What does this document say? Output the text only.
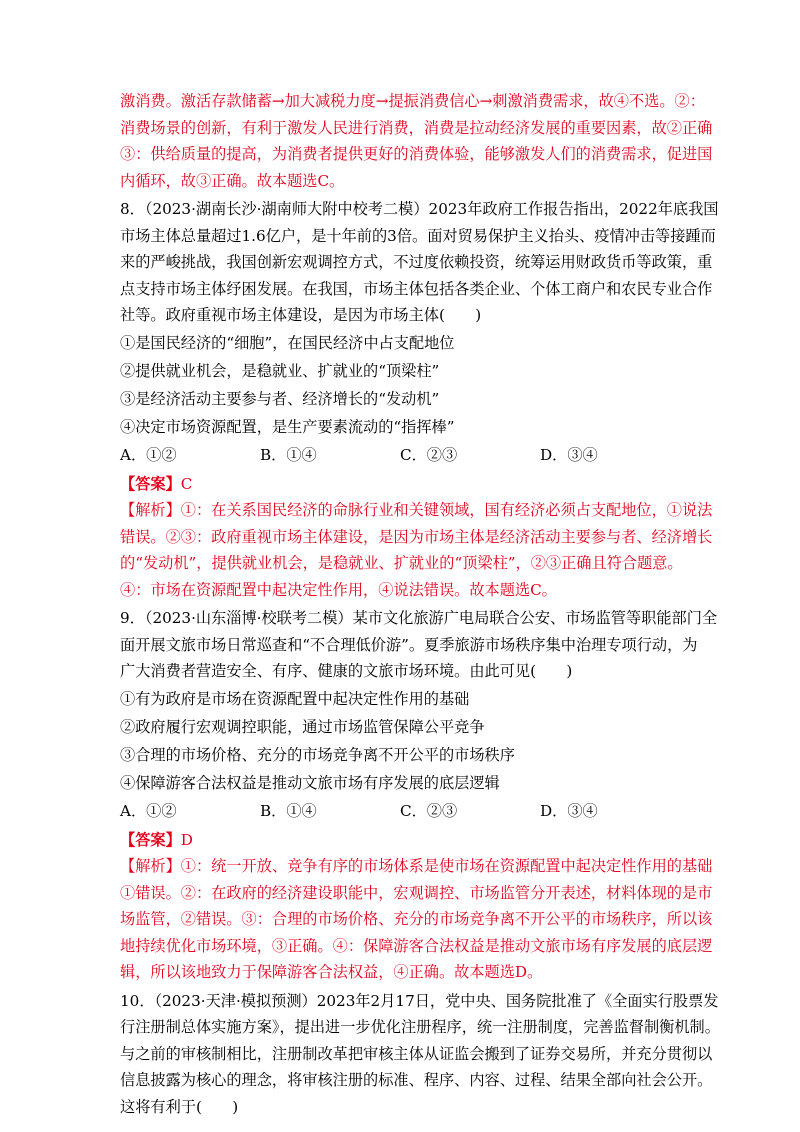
激消费。激活存款储蓄→加大减税力度→提振消费信心→刺激消费需求，故④不选。②：
消费场景的创新，有利于激发人民进行消费，消费是拉动经济发展的重要因素，故②正确
③：供给质量的提高，为消费者提供更好的消费体验，能够激发人们的消费需求，促进国
内循环，故③正确。故本题选C。
8．（2023·湖南长沙·湖南师大附中校考二模）2023年政府工作报告指出，2022年底我国
市场主体总量超过1.6亿户，是十年前的3倍。面对贸易保护主义抬头、疫情冲击等接踵而
来的严峻挑战，我国创新宏观调控方式，不过度依赖投资，统筹运用财政货币等政策，重
点支持市场主体纾困发展。在我国，市场主体包括各类企业、个体工商户和农民专业合作
社等。政府重视市场主体建设，是因为市场主体(　　)
①是国民经济的“细胞”，在国民经济中占支配地位
②提供就业机会，是稳就业、扩就业的“顶梁柱”
③是经济活动主要参与者、经济增长的“发动机”
④决定市场资源配置，是生产要素流动的“指挥棒”
A．①②	B．①④	C．②③	D．③④
【答案】C
【解析】①：在关系国民经济的命脉行业和关键领域，国有经济必须占支配地位，①说法
错误。②③：政府重视市场主体建设，是因为市场主体是经济活动主要参与者、经济增长
的“发动机”，提供就业机会，是稳就业、扩就业的“顶梁柱”，②③正确且符合题意。
④：市场在资源配置中起决定性作用，④说法错误。故本题选C。
9．（2023·山东淄博·校联考二模）某市文化旅游广电局联合公安、市场监管等职能部门全
面开展文旅市场日常巡查和“不合理低价游”。夏季旅游市场秩序集中治理专项行动，为
广大消费者营造安全、有序、健康的文旅市场环境。由此可见(　　)
①有为政府是市场在资源配置中起决定性作用的基础
②政府履行宏观调控职能，通过市场监管保障公平竞争
③合理的市场价格、充分的市场竞争离不开公平的市场秩序
④保障游客合法权益是推动文旅市场有序发展的底层逻辑
A．①②	B．①④	C．②③	D．③④
【答案】D
【解析】①：统一开放、竞争有序的市场体系是使市场在资源配置中起决定性作用的基础
①错误。②：在政府的经济建设职能中，宏观调控、市场监管分开表述，材料体现的是市
场监管，②错误。③：合理的市场价格、充分的市场竞争离不开公平的市场秩序，所以该
地持续优化市场环境，③正确。④：保障游客合法权益是推动文旅市场有序发展的底层逻
辑，所以该地致力于保障游客合法权益，④正确。故本题选D。
10．（2023·天津·模拟预测）2023年2月17日，党中央、国务院批准了《全面实行股票发
行注册制总体实施方案》，提出进一步优化注册程序，统一注册制度，完善监督制衡机制。
与之前的审核制相比，注册制改革把审核主体从证监会搬到了证券交易所，并充分贯彻以
信息披露为核心的理念，将审核注册的标准、程序、内容、过程、结果全部向社会公开。
这将有利于(　　)
